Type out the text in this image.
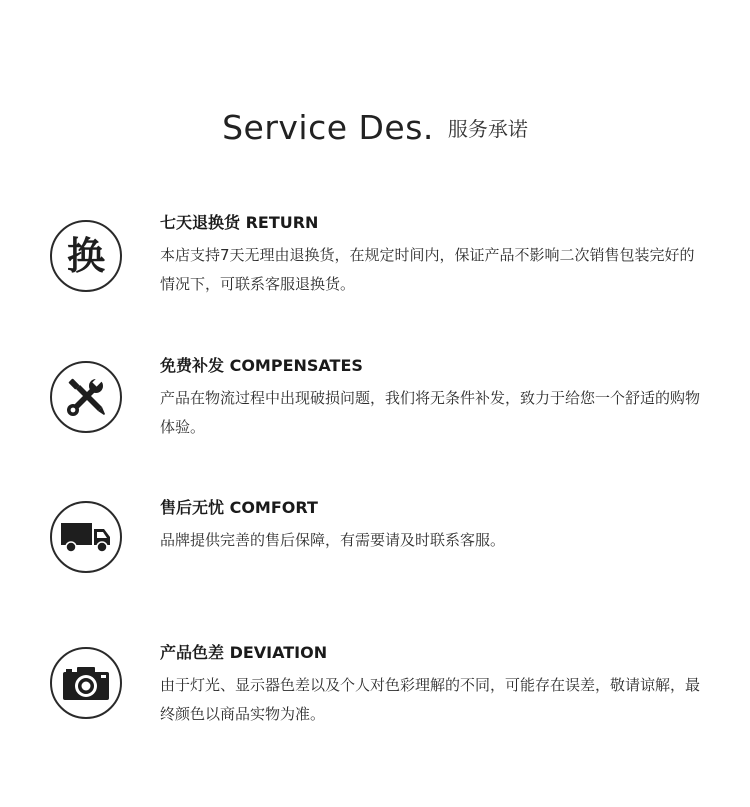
Service Des. 服务承诺
换

七天退换货 RETURN

本店支持7天无理由退换货，在规定时间内，保证产品不影响二次销售包装完好的情况下，可联系客服退换货。

免费补发 COMPENSATES

产品在物流过程中出现破损问题，我们将无条件补发，致力于给您一个舒适的购物体验。

售后无忧 COMFORT

品牌提供完善的售后保障，有需要请及时联系客服。

产品色差 DEVIATION

由于灯光、显示器色差以及个人对色彩理解的不同，可能存在误差，敬请谅解，最终颜色以商品实物为准。
